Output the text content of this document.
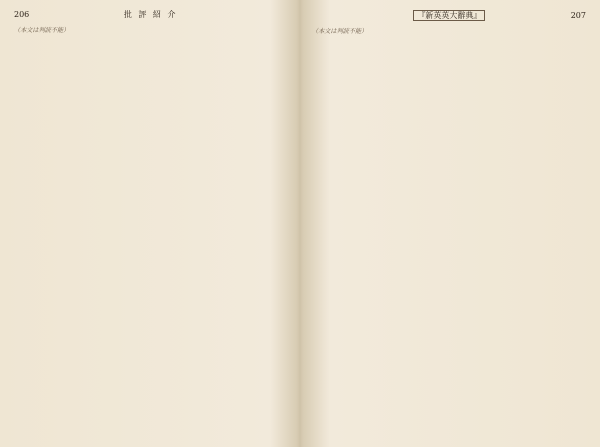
206	批 評 紹 介

（本文は判読不能）

『新英英大辭典』	207

（本文は判読不能）
